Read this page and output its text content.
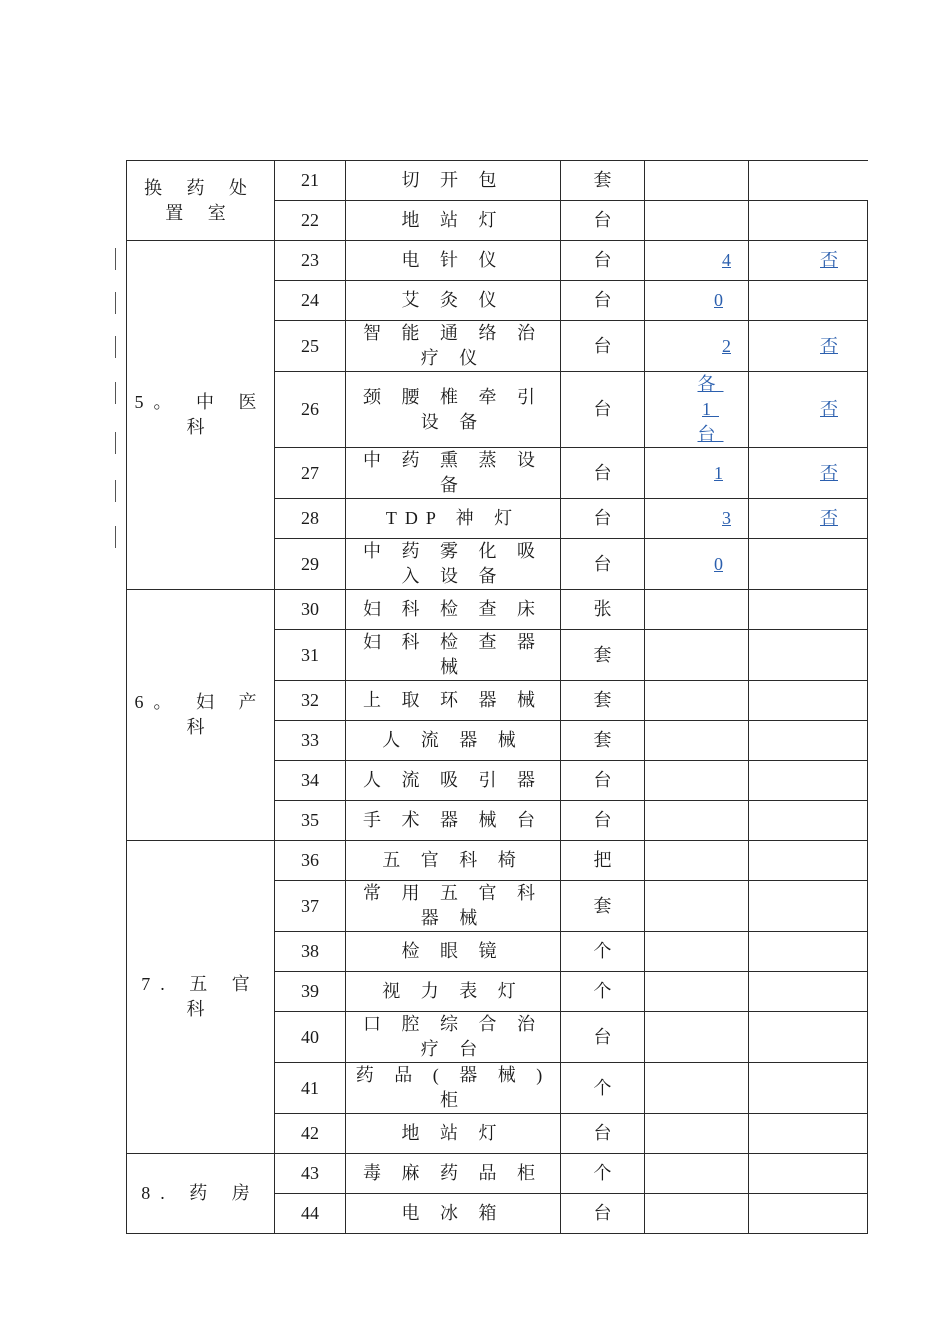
换 药 处 置 室	21	切 开 包	套		
	22	地 站 灯	台		
5。 中 医 科	23	电 针 仪	台	4	否
	24	艾 灸 仪	台	0	
	25	智 能 通 络 治 疗 仪	台	2	否
	26	颈 腰 椎 牵 引 设 备	台	各 1 台	否
	27	中 药 熏 蒸 设 备	台	1	否
	28	TDP 神 灯	台	3	否
	29	中 药 雾 化 吸 入 设 备	台	0	
6。 妇 产 科	30	妇 科 检 查 床	张		
	31	妇 科 检 查 器 械	套		
	32	上 取 环 器 械	套		
	33	人 流 器 械	套		
	34	人 流 吸 引 器	台		
	35	手 术 器 械 台	台		
7. 五 官 科	36	五 官 科 椅	把		
	37	常 用 五 官 科 器 械	套		
	38	检 眼 镜	个		
	39	视 力 表 灯	个		
	40	口 腔 综 合 治 疗 台	台		
	41	药 品 ( 器 械 ) 柜	个		
	42	地 站 灯	台		
8. 药 房	43	毒 麻 药 品 柜	个		
	44	电 冰 箱	台		
